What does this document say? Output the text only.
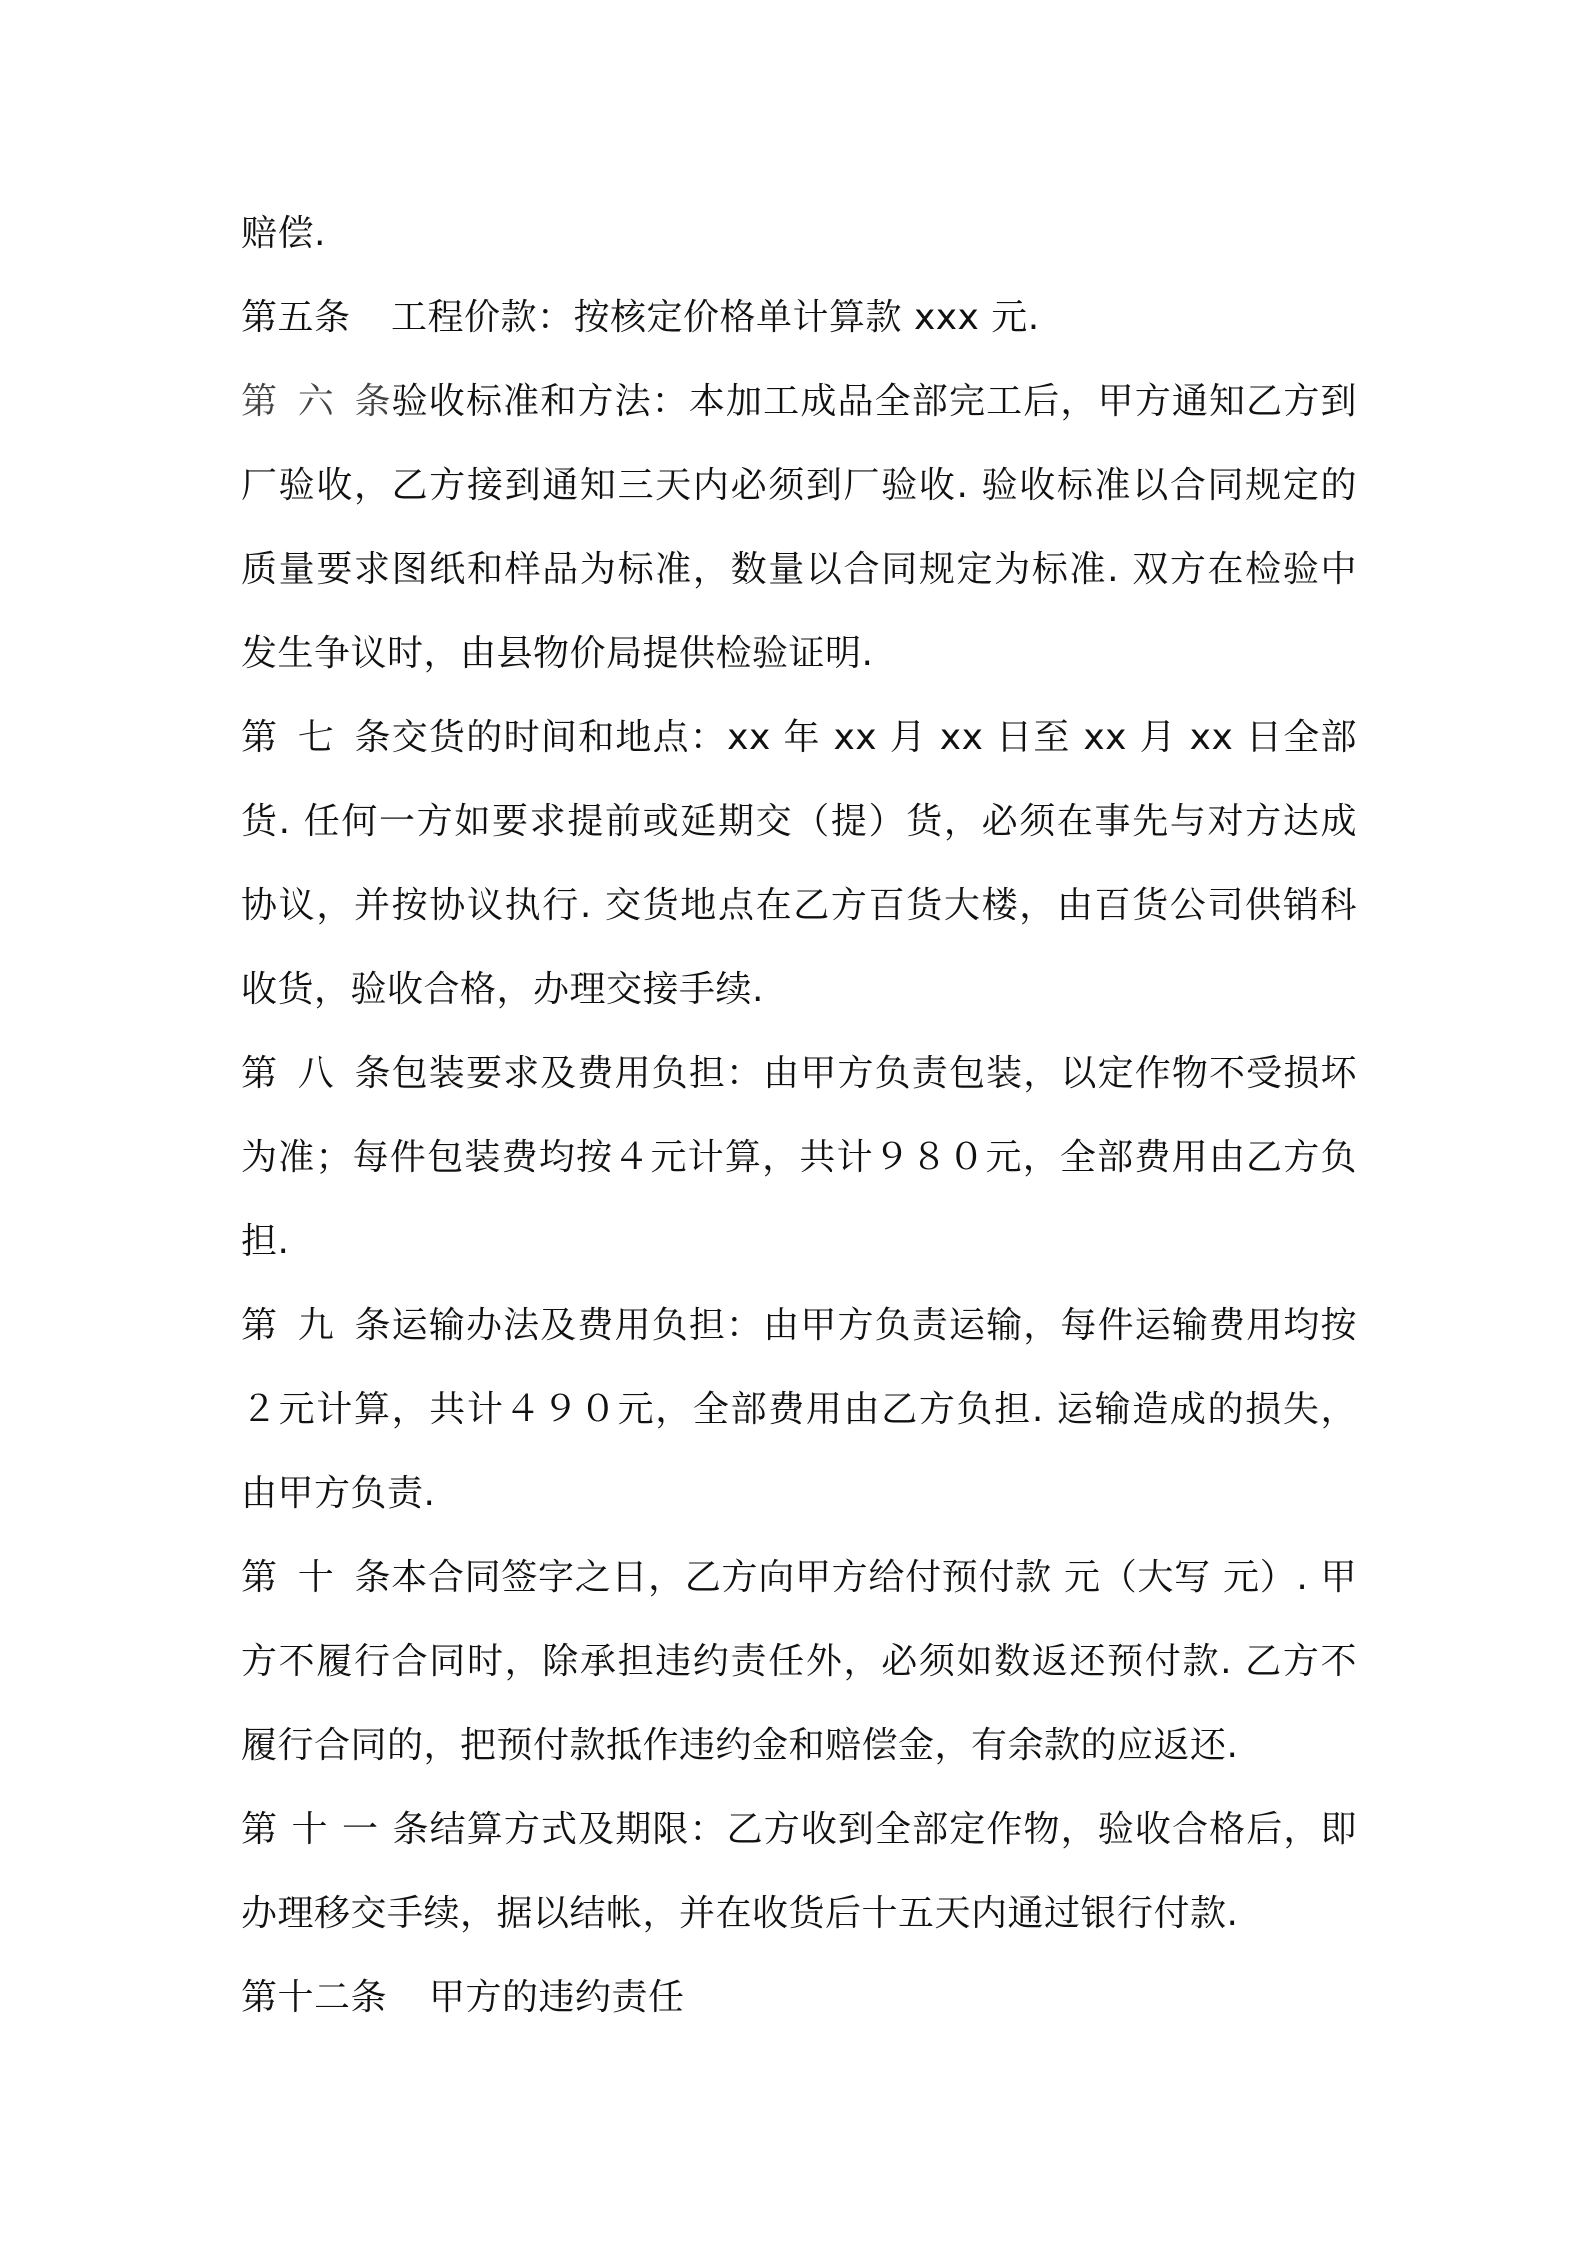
赔偿.
第五条 工程价款：按核定价格单计算款 xxx 元.
第六条验收标准和方法：本加工成品全部完工后，甲方通知乙方到
厂验收，乙方接到通知三天内必须到厂验收. 验收标准以合同规定的
质量要求图纸和样品为标准，数量以合同规定为标准. 双方在检验中
发生争议时，由县物价局提供检验证明.
第七条交货的时间和地点：xx 年 xx 月 xx 日至 xx 月 xx 日全部
货. 任何一方如要求提前或延期交（提）货，必须在事先与对方达成
协议，并按协议执行. 交货地点在乙方百货大楼，由百货公司供销科
收货，验收合格，办理交接手续.
第八条包装要求及费用负担：由甲方负责包装，以定作物不受损坏
为准；每件包装费均按４元计算，共计９８０元，全部费用由乙方负
担.
第九条运输办法及费用负担：由甲方负责运输，每件运输费用均按
２元计算，共计４９０元，全部费用由乙方负担. 运输造成的损失，
由甲方负责.
第十条本合同签字之日，乙方向甲方给付预付款 元（大写 元）. 甲
方不履行合同时，除承担违约责任外，必须如数返还预付款. 乙方不
履行合同的，把预付款抵作违约金和赔偿金，有余款的应返还.
第十一条结算方式及期限：乙方收到全部定作物，验收合格后，即
办理移交手续，据以结帐，并在收货后十五天内通过银行付款.
第十二条 甲方的违约责任
